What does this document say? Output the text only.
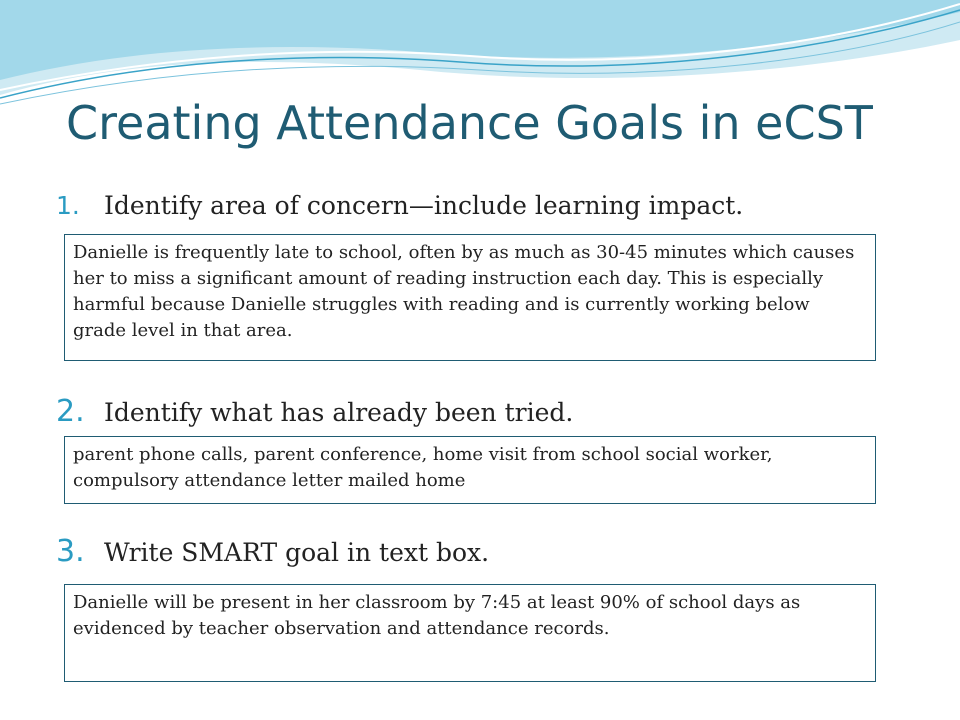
Creating Attendance Goals in eCST
1. Identify area of concern—include learning impact.
Danielle is frequently late to school, often by as much as 30-45 minutes which causes her to miss a significant amount of reading instruction each day. This is especially harmful because Danielle struggles with reading and is currently working below grade level in that area.
2. Identify what has already been tried.
parent phone calls, parent conference, home visit from school social worker, compulsory attendance letter mailed home
3. Write SMART goal in text box.
Danielle will be present in her classroom by 7:45 at least 90% of school days as evidenced by teacher observation and attendance records.
